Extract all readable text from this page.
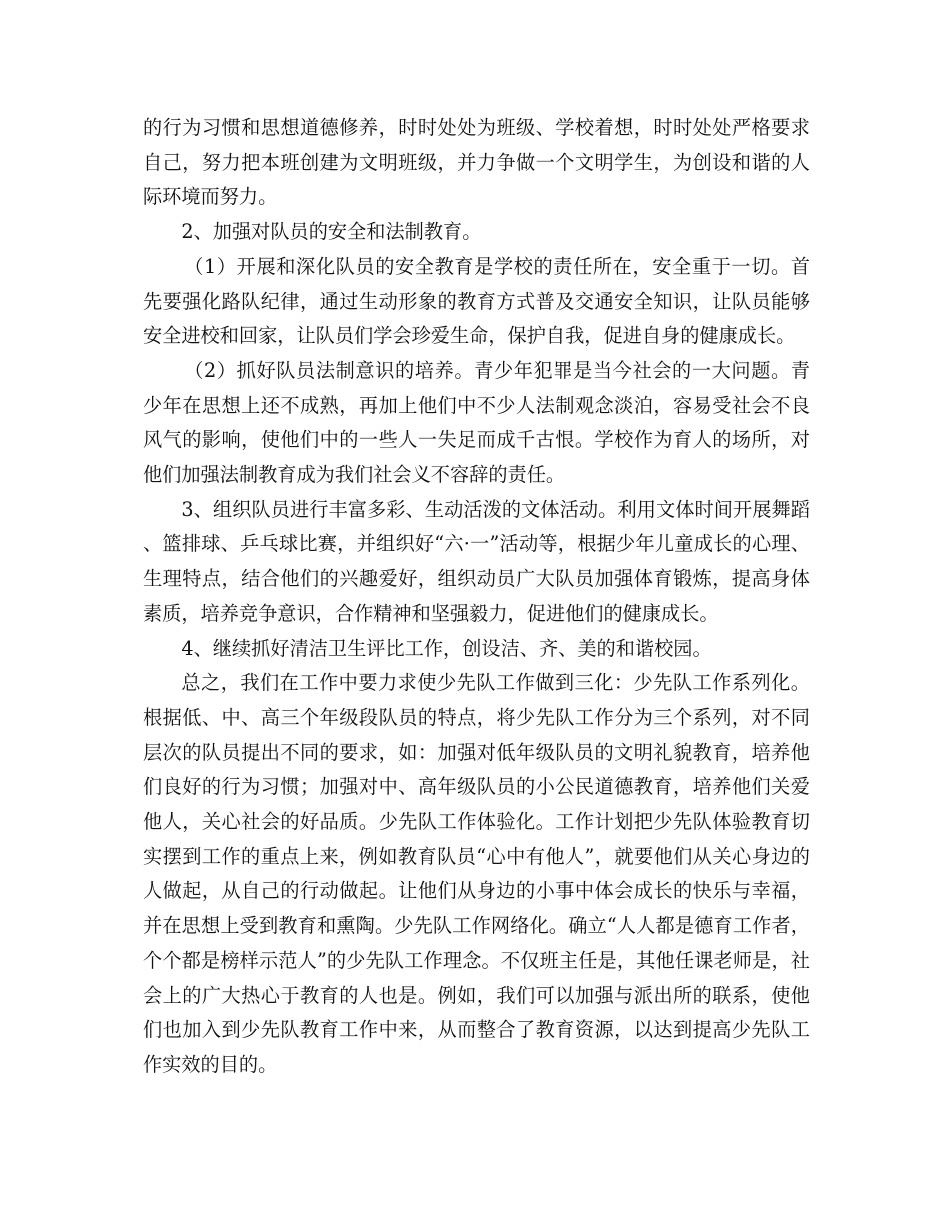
的行为习惯和思想道德修养，时时处处为班级、学校着想，时时处处严格要求自己，努力把本班创建为文明班级，并力争做一个文明学生，为创设和谐的人际环境而努力。

2、加强对队员的安全和法制教育。

（1）开展和深化队员的安全教育是学校的责任所在，安全重于一切。首先要强化路队纪律，通过生动形象的教育方式普及交通安全知识，让队员能够安全进校和回家，让队员们学会珍爱生命，保护自我，促进自身的健康成长。

（2）抓好队员法制意识的培养。青少年犯罪是当今社会的一大问题。青少年在思想上还不成熟，再加上他们中不少人法制观念淡泊，容易受社会不良风气的影响，使他们中的一些人一失足而成千古恨。学校作为育人的场所，对他们加强法制教育成为我们社会义不容辞的责任。

3、组织队员进行丰富多彩、生动活泼的文体活动。利用文体时间开展舞蹈、篮排球、乒乓球比赛，并组织好“六·一”活动等，根据少年儿童成长的心理、生理特点，结合他们的兴趣爱好，组织动员广大队员加强体育锻炼，提高身体素质，培养竞争意识，合作精神和坚强毅力，促进他们的健康成长。

4、继续抓好清洁卫生评比工作，创设洁、齐、美的和谐校园。

总之，我们在工作中要力求使少先队工作做到三化：少先队工作系列化。根据低、中、高三个年级段队员的特点，将少先队工作分为三个系列，对不同层次的队员提出不同的要求，如：加强对低年级队员的文明礼貌教育，培养他们良好的行为习惯；加强对中、高年级队员的小公民道德教育，培养他们关爱他人，关心社会的好品质。少先队工作体验化。工作计划把少先队体验教育切实摆到工作的重点上来，例如教育队员“心中有他人”，就要他们从关心身边的人做起，从自己的行动做起。让他们从身边的小事中体会成长的快乐与幸福，并在思想上受到教育和熏陶。少先队工作网络化。确立“人人都是德育工作者，个个都是榜样示范人”的少先队工作理念。不仅班主任是，其他任课老师是，社会上的广大热心于教育的人也是。例如，我们可以加强与派出所的联系，使他们也加入到少先队教育工作中来，从而整合了教育资源，以达到提高少先队工作实效的目的。
